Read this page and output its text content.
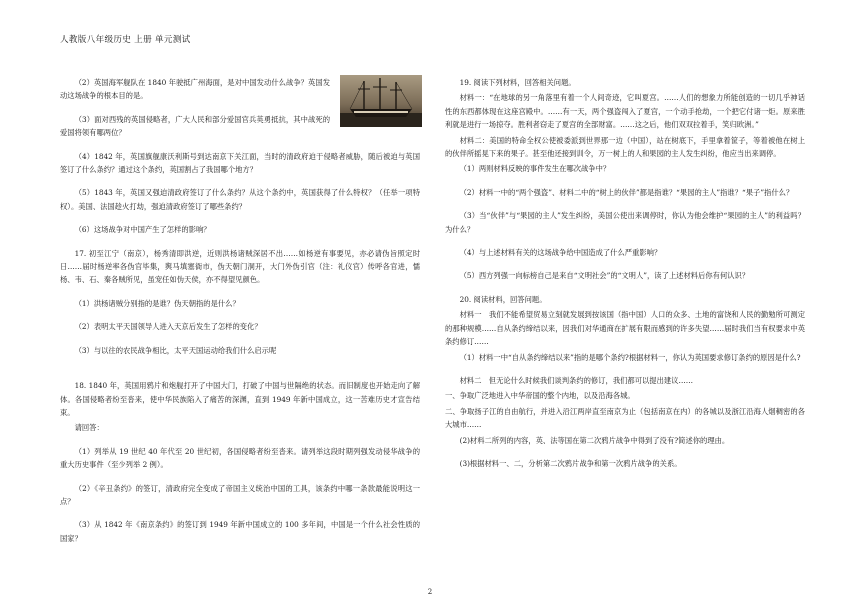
人教版八年级历史 上册 单元测试

（2）英国海军舰队在 1840 年驶抵广州海面，是对中国发动什么战争？英国发动这场战争的根本目的是。

（3）面对西残的英国侵略者，广大人民和部分爱国官兵英勇抵抗，其中战死的爱国将领有哪两位？

（4）1842 年，英国旗舰康沃利斯号到达南京下关江面，当时的清政府迫于侵略者威胁，随后被迫与英国签订了什么条约？通过这个条约，英国割占了我国哪个地方？

（5）1843 年，英国又强迫清政府签订了什么条约？从这个条约中，英国获得了什么特权？（任举一项特权）。美国、法国趁火打劫，强迫清政府签订了哪些条约？

（6）这场战争对中国产生了怎样的影响？

17. 初至江宁（南京），杨秀清即洪逆，近则洪杨诸贼深居不出……如杨逆有事要见，亦必请伪旨照定时日……届时杨逆率各伪官毕集，舆马填塞衙市，伪天朝门洞开，大门外伪引官（注：礼仪官）传呼各官进，懦杨、韦、石、秦各贼所见，虽宠任如伪天侯，亦不得望见颜色。

（1）洪杨诸贼分别指的是谁？伪天朝指的是什么？

（2）表明太平天国领导人进入天京后发生了怎样的变化？

（3）与以往的农民战争相比，太平天国运动给我们什么启示呢

18. 1840 年，英国用鸦片和炮舰打开了中国大门，打破了中国与世隔绝的状态。而旧制度也开始走向了解体。各国侵略者纷至沓来，使中华民族陷入了痛苦的深渊，直到 1949 年新中国成立，这一苦难历史才宣告结束。

请回答：

（1）列举从 19 世纪 40 年代至 20 世纪初，各国侵略者纷至沓来。请列举这段时期列强发动侵华战争的重大历史事件（至少列举 2 例）。

（2）《辛丑条约》的签订，清政府完全变成了帝国主义统治中国的工具，该条约中哪一条款最能说明这一点？

（3）从 1842 年《南京条约》的签订到 1949 年新中国成立的 100 多年间，中国是一个什么社会性质的国家？

19. 阅读下列材料，回答相关问题。

材料一：“在地球的另一角落里有着一个人间奇迹，它叫夏宫。……人们的想象力所能创造的一切几乎神话性的东西都体现在这座宫殿中。……有一天，两个强盗闯入了夏宫，一个动手抢劫，一个把它付诸一炬。原来胜利就是进行一场掠夺。胜利者窃走了夏宫的全部财富。……这之后，他们双双拉着手，笑归欧洲。”

材料二：美国的特命全权公使被委派到世界那一边（中国），站在树底下，手里拿着筐子，等着被他在树上的伙伴所摇晃下来的果子。甚至他还接到训令，万一树上的人和果园的主人发生纠纷，他应当出来调停。

（1）两则材料反映的事件发生在哪次战争中？

（2）材料一中的“两个强盗”、材料二中的“树上的伙伴”都是指谁？“果园的主人”指谁？“果子”指什么？

（3）当“伙伴”与“果园的主人”发生纠纷，美国公使出来调停时，你认为他会维护“果园的主人”的利益吗？为什么？

（4）与上述材料有关的这场战争给中国造成了什么严重影响？

（5）西方列强一向标榜自己是来自“文明社会”的“文明人”，读了上述材料后你有何认识？

20. 阅读材料，回答问题。

材料一　我们不能希望贸易立刻就发展到按该国（指中国）人口的众多、土地的富饶和人民的勤勉所可测定的那种规模……自从条约缔结以来，因我们对华通商在扩展有限而感到的许多失望……届时我们当有权要求中英条约修订……

（1）材料一中“自从条约缔结以来”指的是哪个条约?根据材料一，你认为英国要求修订条约的原因是什么?

材料二　但无论什么时候我们谈判条约的修订，我们都可以提出建议……

一、争取广泛地进入中华帝国的整个内地，以及沿海各城。

二、争取扬子江的自由航行，并进入沿江两岸直至南京为止（包括南京在内）的各城以及浙江沿海人烟稠密的各大城市……

(2)材料二所列的内容，英、法等国在第二次鸦片战争中得到了没有?简述你的理由。

(3)根据材料一、二，分析第二次鸦片战争和第一次鸦片战争的关系。

2
